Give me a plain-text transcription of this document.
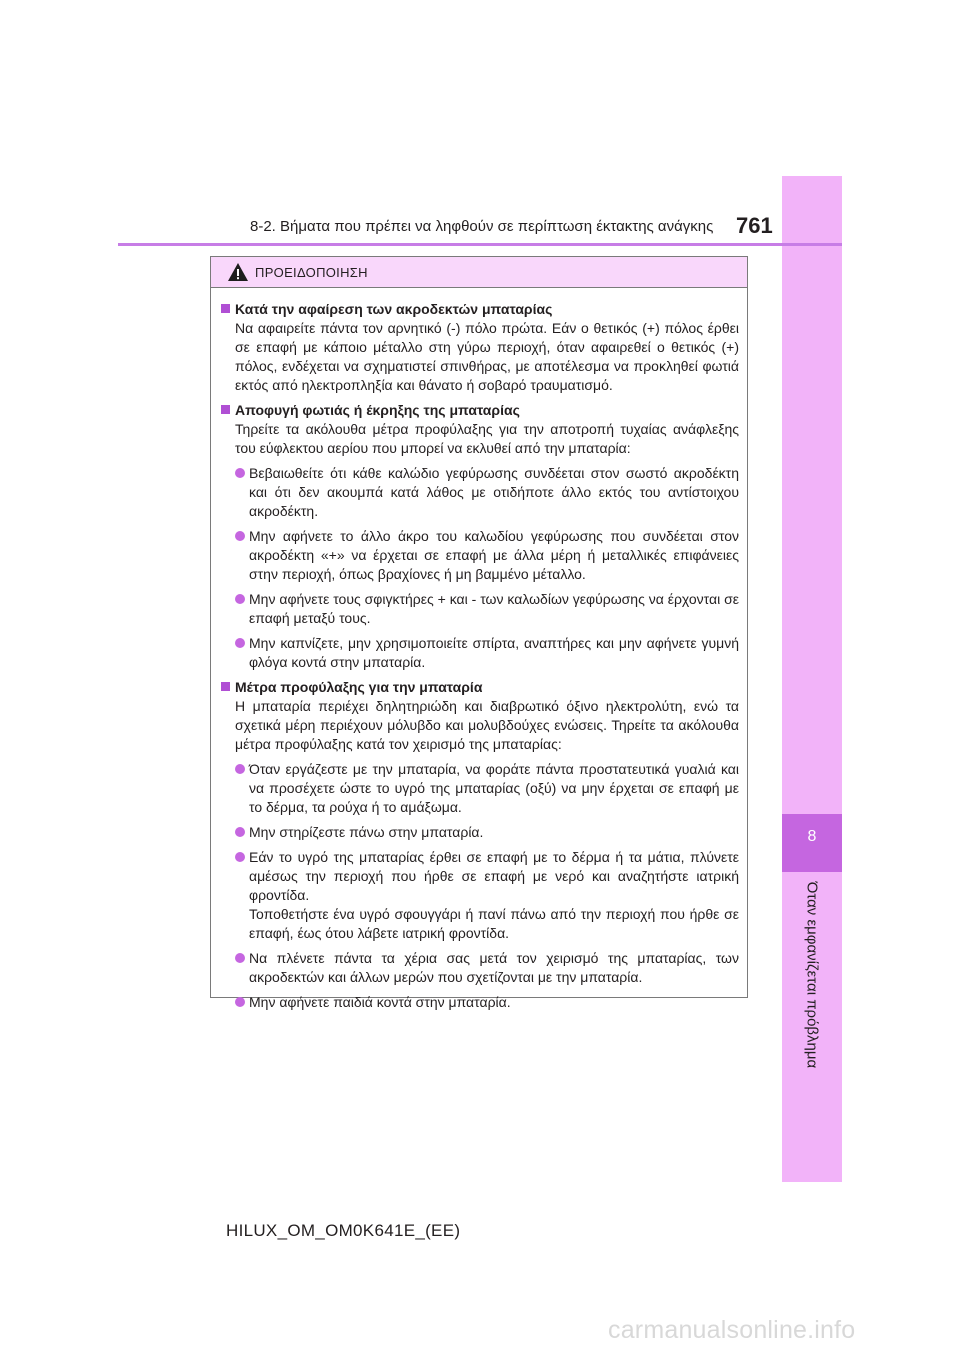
8
Όταν εμφανίζεται πρόβλημα
8-2. Βήματα που πρέπει να ληφθούν σε περίπτωση έκτακτης ανάγκης 761
ΠΡΟΕΙΔΟΠΟΙΗΣΗ
Κατά την αφαίρεση των ακροδεκτών μπαταρίας
Να αφαιρείτε πάντα τον αρνητικό (-) πόλο πρώτα. Εάν ο θετικός (+) πόλος έρθει σε επαφή με κάποιο μέταλλο στη γύρω περιοχή, όταν αφαιρεθεί ο θετικός (+) πόλος, ενδέχεται να σχηματιστεί σπινθήρας, με αποτέλεσμα να προκληθεί φωτιά εκτός από ηλεκτροπληξία και θάνατο ή σοβαρό τραυματισμό.
Αποφυγή φωτιάς ή έκρηξης της μπαταρίας
Τηρείτε τα ακόλουθα μέτρα προφύλαξης για την αποτροπή τυχαίας ανάφλεξης του εύφλεκτου αερίου που μπορεί να εκλυθεί από την μπαταρία:
Βεβαιωθείτε ότι κάθε καλώδιο γεφύρωσης συνδέεται στον σωστό ακροδέκτη και ότι δεν ακουμπά κατά λάθος με οτιδήποτε άλλο εκτός του αντίστοιχου ακροδέκτη.
Μην αφήνετε το άλλο άκρο του καλωδίου γεφύρωσης που συνδέεται στον ακροδέκτη «+» να έρχεται σε επαφή με άλλα μέρη ή μεταλλικές επιφάνειες στην περιοχή, όπως βραχίονες ή μη βαμμένο μέταλλο.
Μην αφήνετε τους σφιγκτήρες + και - των καλωδίων γεφύρωσης να έρχονται σε επαφή μεταξύ τους.
Μην καπνίζετε, μην χρησιμοποιείτε σπίρτα, αναπτήρες και μην αφήνετε γυμνή φλόγα κοντά στην μπαταρία.
Μέτρα προφύλαξης για την μπαταρία
Η μπαταρία περιέχει δηλητηριώδη και διαβρωτικό όξινο ηλεκτρολύτη, ενώ τα σχετικά μέρη περιέχουν μόλυβδο και μολυβδούχες ενώσεις. Τηρείτε τα ακόλουθα μέτρα προφύλαξης κατά τον χειρισμό της μπαταρίας:
Όταν εργάζεστε με την μπαταρία, να φοράτε πάντα προστατευτικά γυαλιά και να προσέχετε ώστε το υγρό της μπαταρίας (οξύ) να μην έρχεται σε επαφή με το δέρμα, τα ρούχα ή το αμάξωμα.
Μην στηρίζεστε πάνω στην μπαταρία.

Εάν το υγρό της μπαταρίας έρθει σε επαφή με το δέρμα ή τα μάτια, πλύνετε αμέσως την περιοχή που ήρθε σε επαφή με νερό και αναζητήστε ιατρική φροντίδα.

Τοποθετήστε ένα υγρό σφουγγάρι ή πανί πάνω από την περιοχή που ήρθε σε επαφή, έως ότου λάβετε ιατρική φροντίδα.

Να πλένετε πάντα τα χέρια σας μετά τον χειρισμό της μπαταρίας, των ακροδεκτών και άλλων μερών που σχετίζονται με την μπαταρία.
Μην αφήνετε παιδιά κοντά στην μπαταρία.
HILUX_OM_OM0K641E_(EE)
carmanualsonline.info
